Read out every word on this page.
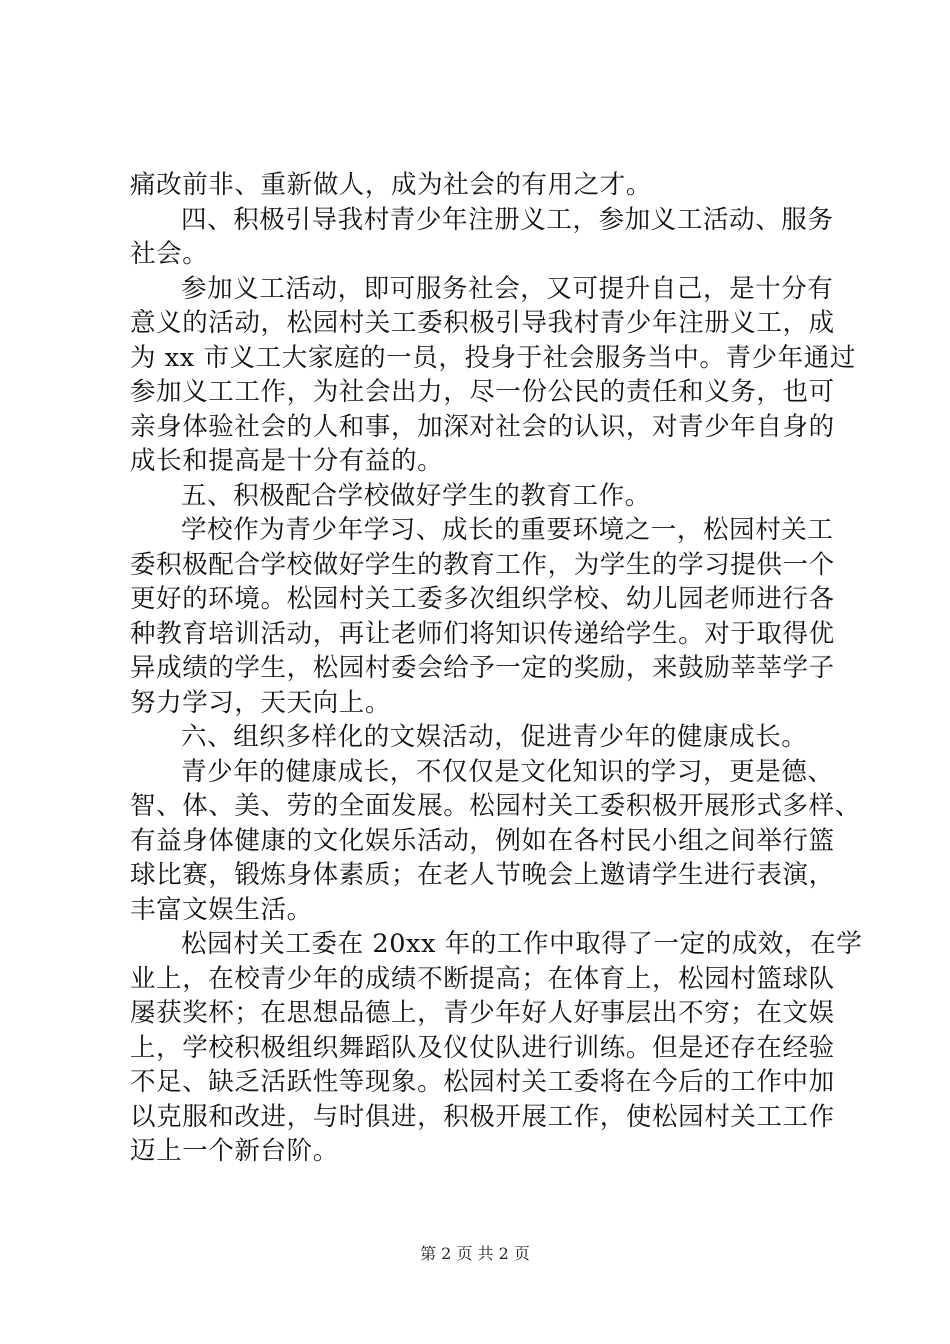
痛改前非、重新做人，成为社会的有用之才。
四、积极引导我村青少年注册义工，参加义工活动、服务
社会。
参加义工活动，即可服务社会，又可提升自己，是十分有
意义的活动，松园村关工委积极引导我村青少年注册义工，成
为 xx 市义工大家庭的一员，投身于社会服务当中。青少年通过
参加义工工作，为社会出力，尽一份公民的责任和义务，也可
亲身体验社会的人和事，加深对社会的认识，对青少年自身的
成长和提高是十分有益的。
五、积极配合学校做好学生的教育工作。
学校作为青少年学习、成长的重要环境之一，松园村关工
委积极配合学校做好学生的教育工作，为学生的学习提供一个
更好的环境。松园村关工委多次组织学校、幼儿园老师进行各
种教育培训活动，再让老师们将知识传递给学生。对于取得优
异成绩的学生，松园村委会给予一定的奖励，来鼓励莘莘学子
努力学习，天天向上。
六、组织多样化的文娱活动，促进青少年的健康成长。
青少年的健康成长，不仅仅是文化知识的学习，更是德、
智、体、美、劳的全面发展。松园村关工委积极开展形式多样、
有益身体健康的文化娱乐活动，例如在各村民小组之间举行篮
球比赛，锻炼身体素质；在老人节晚会上邀请学生进行表演，
丰富文娱生活。
松园村关工委在 20xx 年的工作中取得了一定的成效，在学
业上，在校青少年的成绩不断提高；在体育上，松园村篮球队
屡获奖杯；在思想品德上，青少年好人好事层出不穷；在文娱
上，学校积极组织舞蹈队及仪仗队进行训练。但是还存在经验
不足、缺乏活跃性等现象。松园村关工委将在今后的工作中加
以克服和改进，与时俱进，积极开展工作，使松园村关工工作
迈上一个新台阶。
第 2 页 共 2 页
